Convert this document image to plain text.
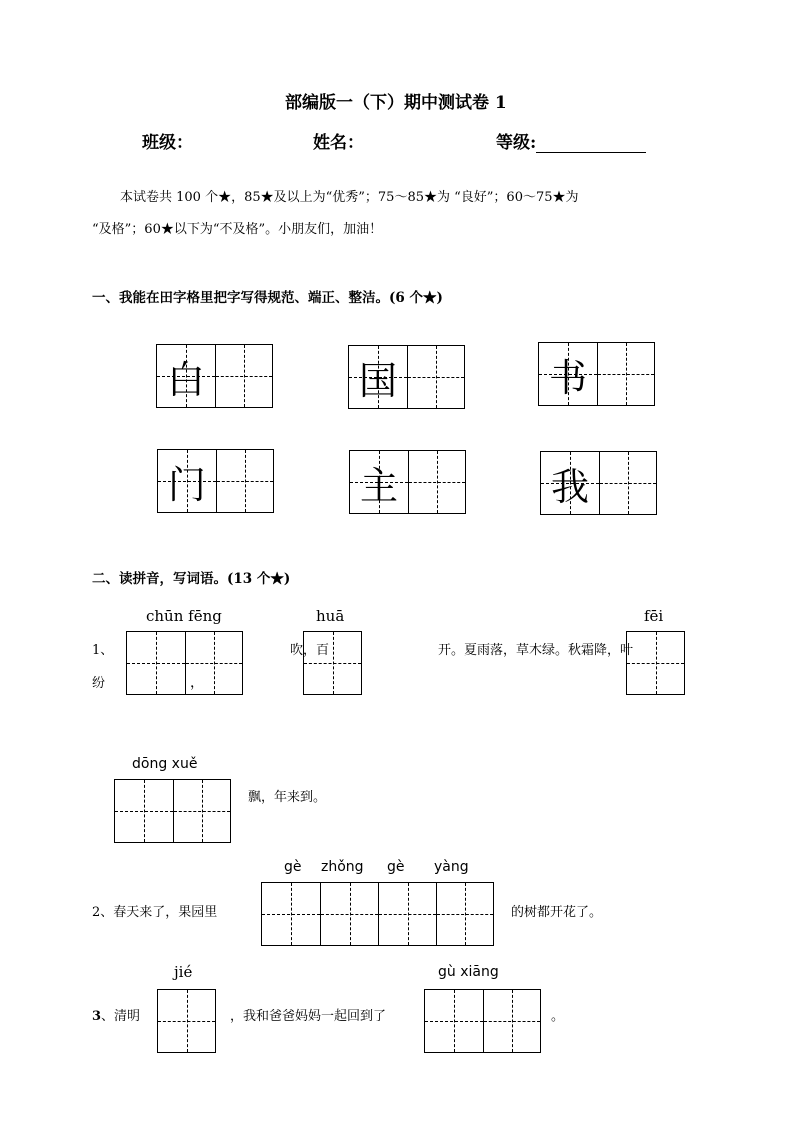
部编版一（下）期中测试卷 1
班级：	姓名：	等级:
本试卷共 100 个★，85★及以上为“优秀”；75～85★为 “良好”；60～75★为
“及格”；60★以下为“不及格”。小朋友们，加油！
一、我能在田字格里把字写得规范、端正、整洁。(6 个★)
白	国	书
门	主	我
二、读拼音，写词语。(13 个★)
chūn fēng	huā	fēi
1、
纷	，
吹，百	开。夏雨落，草木绿。秋霜降，叶
dōng xuě
飘，年来到。
gè zhǒng gè yàng
2、春天来了，果园里	的树都开花了。
jié	gù xiāng
3、清明	，我和爸爸妈妈一起回到了	。
